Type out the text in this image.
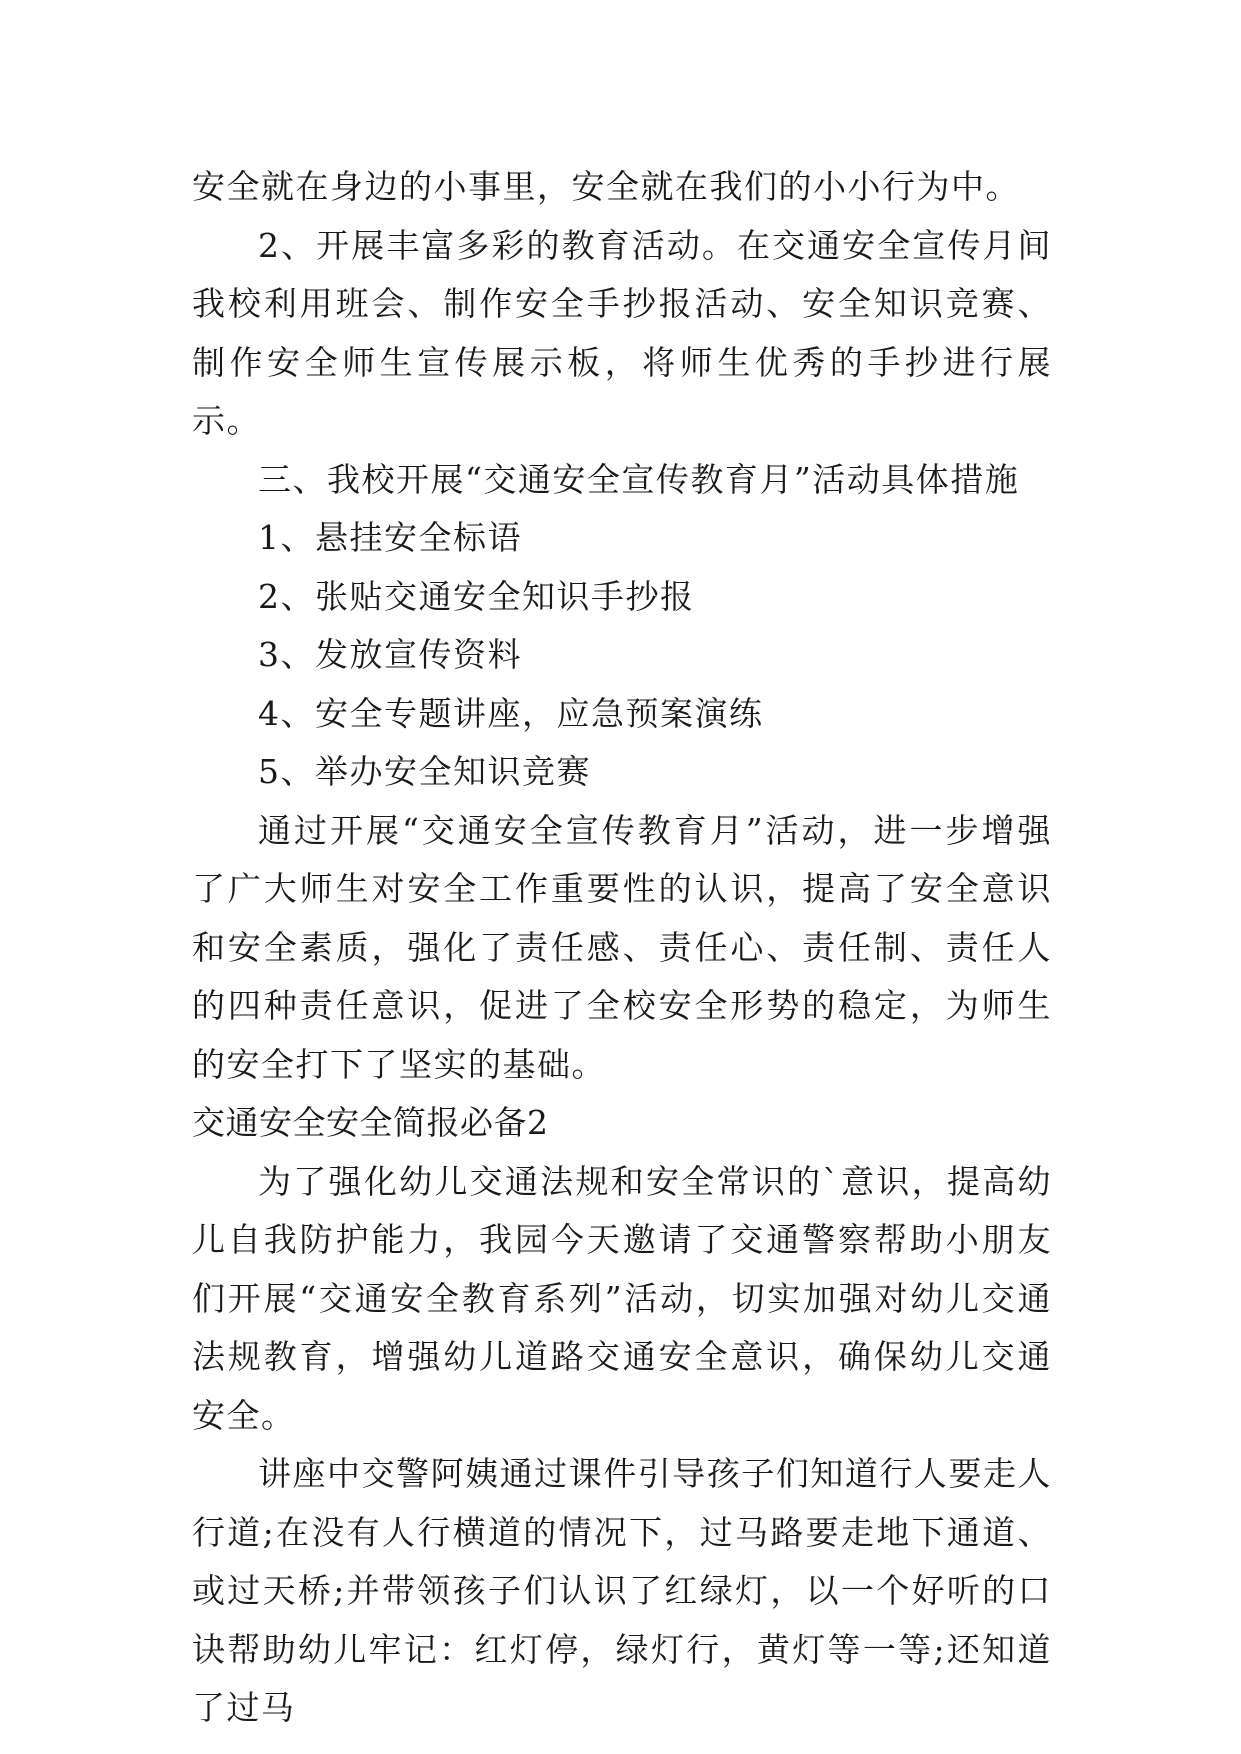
安全就在身边的小事里，安全就在我们的小小行为中。

2、开展丰富多彩的教育活动。在交通安全宣传月间我校利用班会、制作安全手抄报活动、安全知识竞赛、制作安全师生宣传展示板，将师生优秀的手抄进行展示。

三、我校开展“交通安全宣传教育月”活动具体措施

1、悬挂安全标语

2、张贴交通安全知识手抄报

3、发放宣传资料

4、安全专题讲座，应急预案演练

5、举办安全知识竞赛

通过开展“交通安全宣传教育月”活动，进一步增强了广大师生对安全工作重要性的认识，提高了安全意识和安全素质，强化了责任感、责任心、责任制、责任人的四种责任意识，促进了全校安全形势的稳定，为师生的安全打下了坚实的基础。

交通安全安全简报必备2

为了强化幼儿交通法规和安全常识的`意识，提高幼儿自我防护能力，我园今天邀请了交通警察帮助小朋友们开展“交通安全教育系列”活动，切实加强对幼儿交通法规教育，增强幼儿道路交通安全意识，确保幼儿交通安全。

讲座中交警阿姨通过课件引导孩子们知道行人要走人行道;在没有人行横道的情况下，过马路要走地下通道、或过天桥;并带领孩子们认识了红绿灯，以一个好听的口诀帮助幼儿牢记：红灯停，绿灯行，黄灯等一等;还知道了过马
